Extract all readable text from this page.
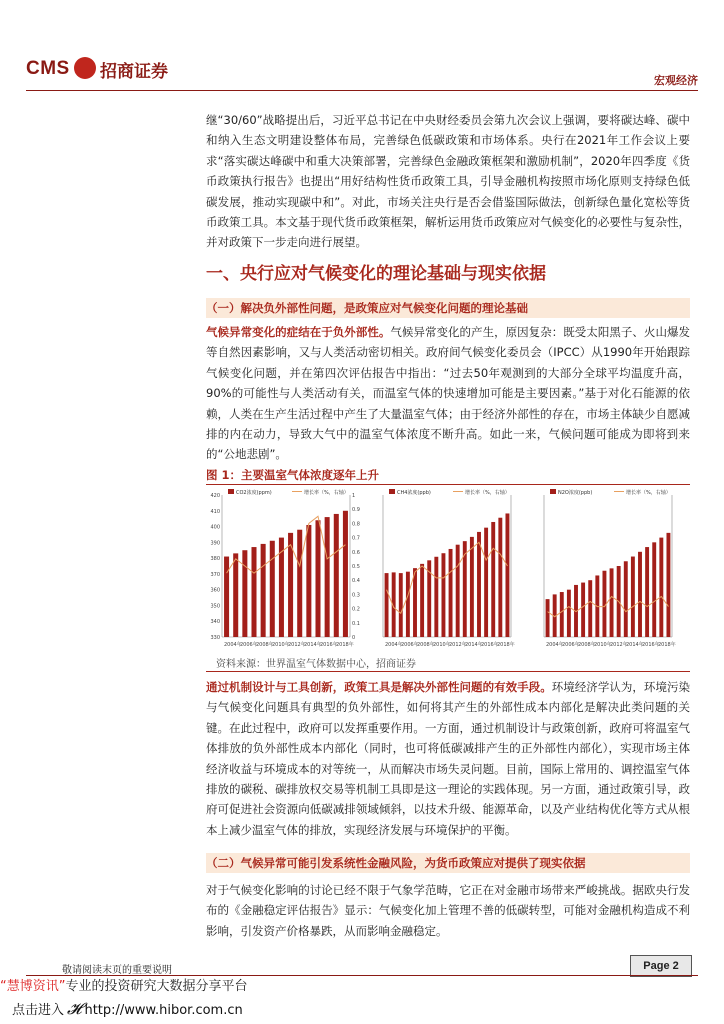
CMS 招商证券	宏观经济
继“30/60”战略提出后，习近平总书记在中央财经委员会第九次会议上强调，要将碳达峰、碳中和纳入生态文明建设整体布局，完善绿色低碳政策和市场体系。央行在2021年工作会议上要求“落实碳达峰碳中和重大决策部署，完善绿色金融政策框架和激励机制”，2020年四季度《货币政策执行报告》也提出“用好结构性货币政策工具，引导金融机构按照市场化原则支持绿色低碳发展，推动实现碳中和”。对此，市场关注央行是否会借鉴国际做法，创新绿色量化宽松等货币政策工具。本文基于现代货币政策框架，解析运用货币政策应对气候变化的必要性与复杂性，并对政策下一步走向进行展望。
一、央行应对气候变化的理论基础与现实依据
（一）解决负外部性问题，是政策应对气候变化问题的理论基础
气候异常变化的症结在于负外部性。气候异常变化的产生，原因复杂：既受太阳黑子、火山爆发等自然因素影响，又与人类活动密切相关。政府间气候变化委员会（IPCC）从1990年开始跟踪气候变化问题，并在第四次评估报告中指出：“过去50年观测到的大部分全球平均温度升高，90%的可能性与人类活动有关，而温室气体的快速增加可能是主要因素。”基于对化石能源的依赖，人类在生产生活过程中产生了大量温室气体；由于经济外部性的存在，市场主体缺少自愿减排的内在动力，导致大气中的温室气体浓度不断升高。如此一来，气候问题可能成为即将到来的“公地悲剧”。
图 1：主要温室气体浓度逐年上升
CO2浓度(ppm)	增长率（%，右轴）
330
340
350
360
370
380
390
400
410
420
0
0.1
0.2
0.3
0.4
0.5
0.6
0.7
0.8
0.9
1
2004年
2006年
2008年
2010年
2012年
2014年
2016年
2018年
CH4浓度(ppb)	增长率（%，右轴）
2004年
2006年
2008年
2010年
2012年
2014年
2016年
2018年
N2O浓度(ppb)	增长率（%，右轴）
2004年
2006年
2008年
2010年
2012年
2014年
2016年
2018年
资料来源：世界温室气体数据中心，招商证券
通过机制设计与工具创新，政策工具是解决外部性问题的有效手段。环境经济学认为，环境污染与气候变化问题具有典型的负外部性，如何将其产生的外部性成本内部化是解决此类问题的关键。在此过程中，政府可以发挥重要作用。一方面，通过机制设计与政策创新，政府可将温室气体排放的负外部性成本内部化（同时，也可将低碳减排产生的正外部性内部化），实现市场主体经济收益与环境成本的对等统一，从而解决市场失灵问题。目前，国际上常用的、调控温室气体排放的碳税、碳排放权交易等机制工具即是这一理论的实践体现。另一方面，通过政策引导，政府可促进社会资源向低碳减排领域倾斜，以技术升级、能源革命，以及产业结构优化等方式从根本上减少温室气体的排放，实现经济发展与环境保护的平衡。
（二）气候异常可能引发系统性金融风险，为货币政策应对提供了现实依据
对于气候变化影响的讨论已经不限于气象学范畴，它正在对金融市场带来严峻挑战。据欧央行发布的《金融稳定评估报告》显示：气候变化加上管理不善的低碳转型，可能对金融机构造成不利影响，引发资产价格暴跌，从而影响金融稳定。
敬请阅读末页的重要说明	Page 2
“慧博资讯”专业的投资研究大数据分享平台
点击进入 𝓗 http://www.hibor.com.cn
